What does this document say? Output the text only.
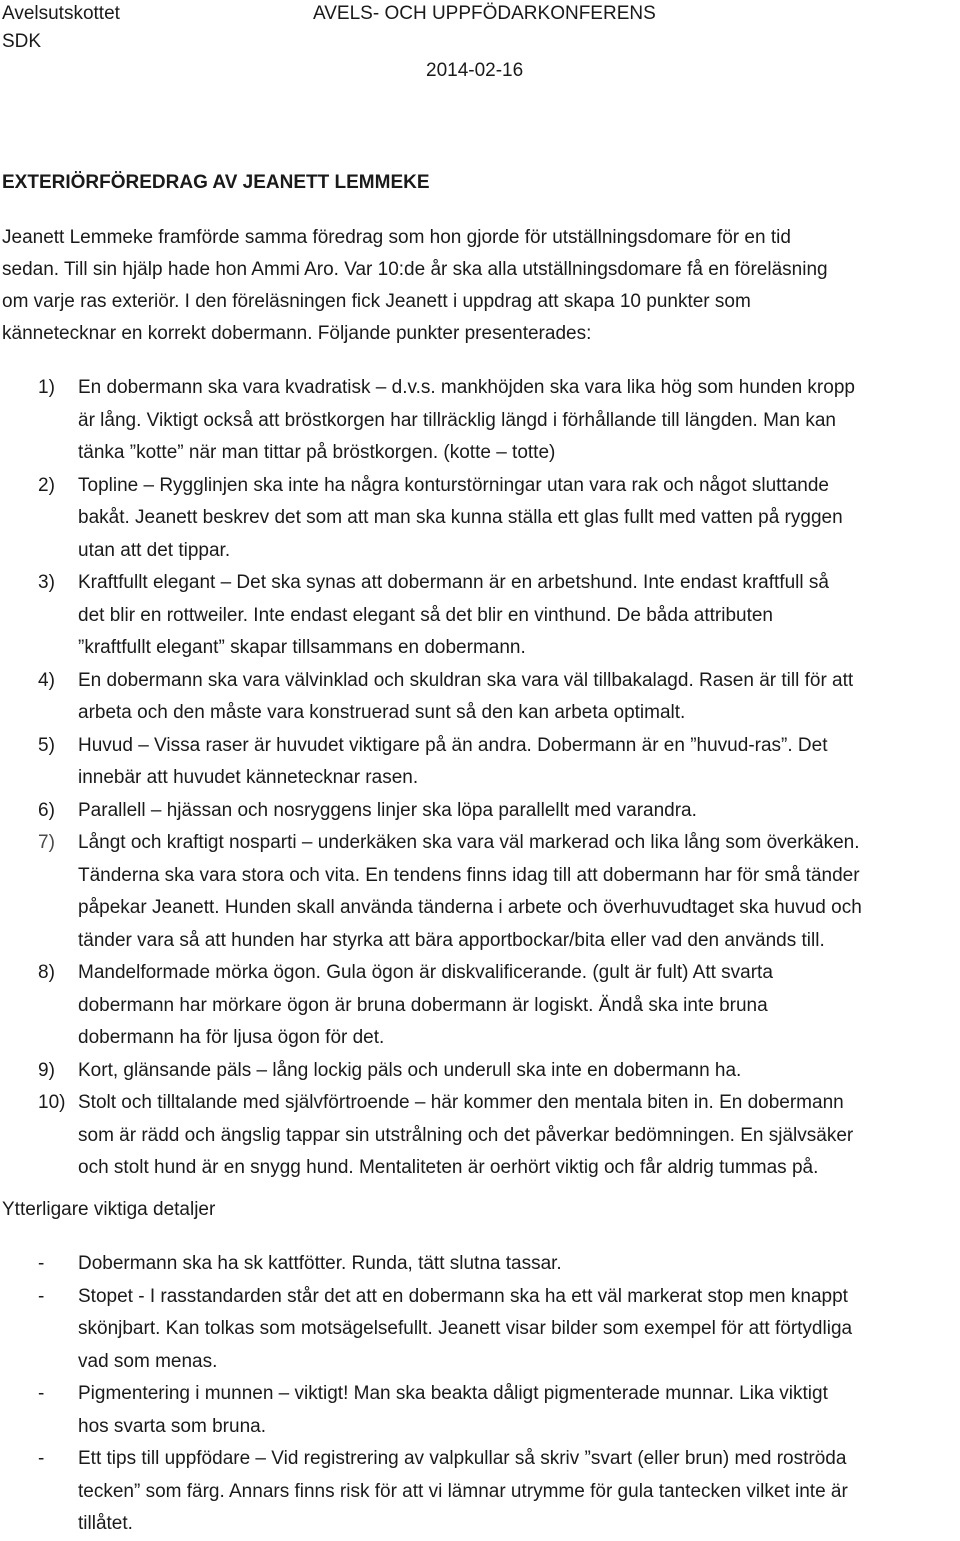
Avelsutskottet
SDK
AVELS- OCH UPPFÖDARKONFERENS
2014-02-16
EXTERIÖRFÖREDRAG AV JEANETT LEMMEKE
Jeanett Lemmeke framförde samma föredrag som hon gjorde för utställningsdomare för en tid
sedan. Till sin hjälp hade hon Ammi Aro. Var 10:de år ska alla utställningsdomare få en föreläsning
om varje ras exteriör. I den föreläsningen fick Jeanett i uppdrag att skapa 10 punkter som
kännetecknar en korrekt dobermann. Följande punkter presenterades:
1) En dobermann ska vara kvadratisk – d.v.s. mankhöjden ska vara lika hög som hunden kropp
är lång. Viktigt också att bröstkorgen har tillräcklig längd i förhållande till längden. Man kan
tänka ”kotte” när man tittar på bröstkorgen. (kotte – totte)
2) Topline – Rygglinjen ska inte ha några konturstörningar utan vara rak och något sluttande
bakåt. Jeanett beskrev det som att man ska kunna ställa ett glas fullt med vatten på ryggen
utan att det tippar.
3) Kraftfullt elegant – Det ska synas att dobermann är en arbetshund. Inte endast kraftfull så
det blir en rottweiler. Inte endast elegant så det blir en vinthund. De båda attributen
”kraftfullt elegant” skapar tillsammans en dobermann.
4) En dobermann ska vara välvinklad och skuldran ska vara väl tillbakalagd. Rasen är till för att
arbeta och den måste vara konstruerad sunt så den kan arbeta optimalt.
5) Huvud – Vissa raser är huvudet viktigare på än andra. Dobermann är en ”huvud-ras”. Det
innebär att huvudet kännetecknar rasen.
6) Parallell – hjässan och nosryggens linjer ska löpa parallellt med varandra.
7) Långt och kraftigt nosparti – underkäken ska vara väl markerad och lika lång som överkäken.
Tänderna ska vara stora och vita. En tendens finns idag till att dobermann har för små tänder
påpekar Jeanett. Hunden skall använda tänderna i arbete och överhuvudtaget ska huvud och
tänder vara så att hunden har styrka att bära apportbockar/bita eller vad den används till.
8) Mandelformade mörka ögon. Gula ögon är diskvalificerande. (gult är fult) Att svarta
dobermann har mörkare ögon är bruna dobermann är logiskt. Ändå ska inte bruna
dobermann ha för ljusa ögon för det.
9) Kort, glänsande päls – lång lockig päls och underull ska inte en dobermann ha.
10) Stolt och tilltalande med självförtroende – här kommer den mentala biten in. En dobermann
som är rädd och ängslig tappar sin utstrålning och det påverkar bedömningen. En självsäker
och stolt hund är en snygg hund. Mentaliteten är oerhört viktig och får aldrig tummas på.
Ytterligare viktiga detaljer
- Dobermann ska ha sk kattfötter. Runda, tätt slutna tassar.
- Stopet - I rasstandarden står det att en dobermann ska ha ett väl markerat stop men knappt
skönjbart. Kan tolkas som motsägelsefullt. Jeanett visar bilder som exempel för att förtydliga
vad som menas.
- Pigmentering i munnen – viktigt! Man ska beakta dåligt pigmenterade munnar. Lika viktigt
hos svarta som bruna.
- Ett tips till uppfödare – Vid registrering av valpkullar så skriv ”svart (eller brun) med roströda
tecken” som färg. Annars finns risk för att vi lämnar utrymme för gula tantecken vilket inte är
tillåtet.
